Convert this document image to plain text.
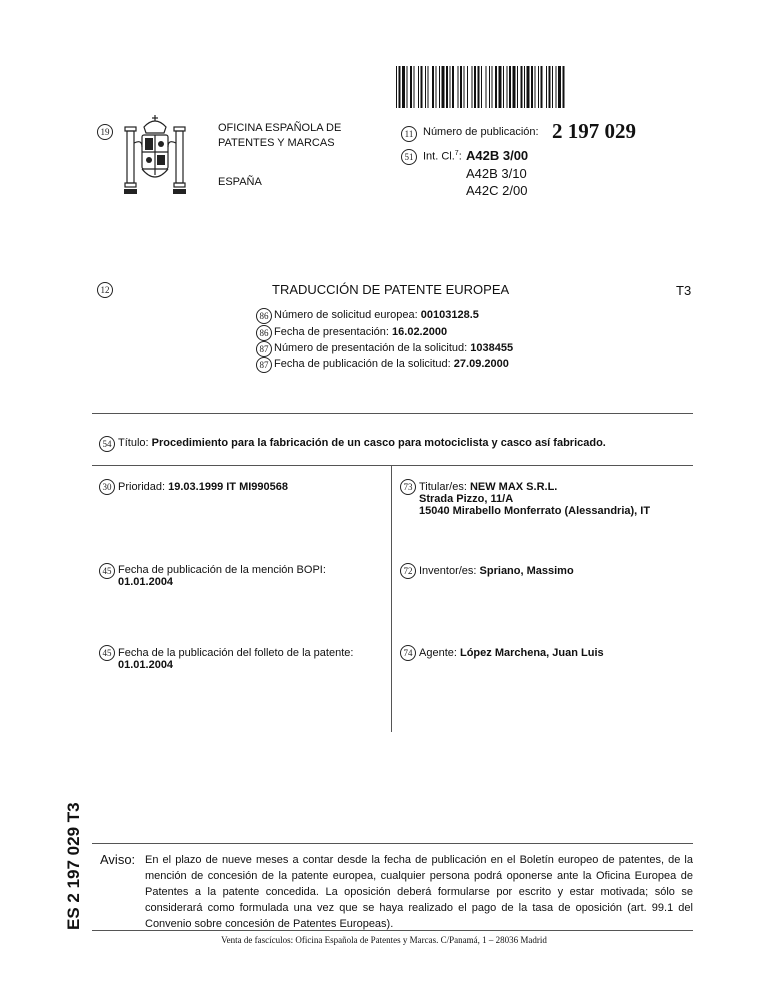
19	OFICINA ESPAÑOLA DE
PATENTES Y MARCAS
ESPAÑA
11 Número de publicación: 2 197 029
51 Int. Cl.$^7$: A42B 3/00
A42B 3/10
A42C 2/00
12	TRADUCCIÓN DE PATENTE EUROPEA	T3
86 Número de solicitud europea: 00103128.5
86 Fecha de presentación: 16.02.2000
87 Número de presentación de la solicitud: 1038455
87 Fecha de publicación de la solicitud: 27.09.2000
54 Título: Procedimiento para la fabricación de un casco para motociclista y casco así fabricado.
30 Prioridad: 19.03.1999 IT MI990568
45 Fecha de publicación de la mención BOPI:
01.01.2004
45 Fecha de la publicación del folleto de la patente:
01.01.2004
73 Titular/es: NEW MAX S.R.L.
Strada Pizzo, 11/A
15040 Mirabello Monferrato (Alessandria), IT
72 Inventor/es: Spriano, Massimo
74 Agente: López Marchena, Juan Luis
ES 2 197 029 T3 Aviso: En el plazo de nueve meses a contar desde la fecha de publicación en el Boletín europeo de patentes, de la mención de concesión de la patente europea, cualquier persona podrá oponerse ante la Oficina Europea de Patentes a la patente concedida. La oposición deberá formularse por escrito y estar motivada; sólo se considerará como formulada una vez que se haya realizado el pago de la tasa de oposición (art. 99.1 del Convenio sobre concesión de Patentes Europeas).
Venta de fascículos: Oficina Española de Patentes y Marcas. C/Panamá, 1 – 28036 Madrid
